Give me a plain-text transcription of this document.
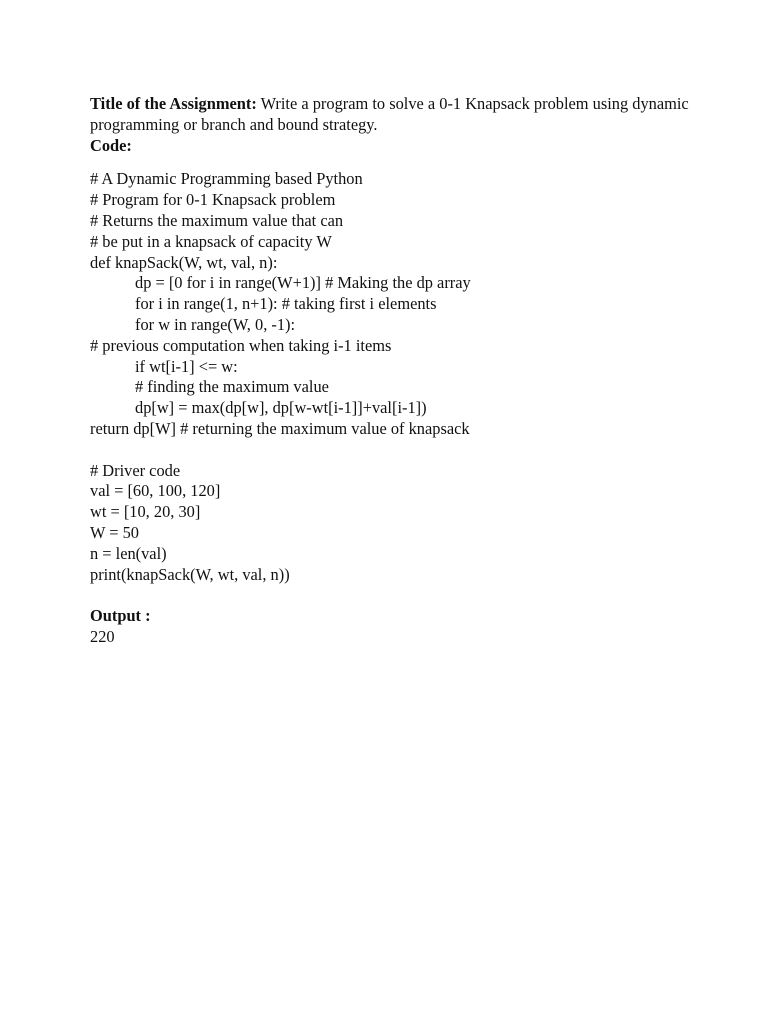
Title of the Assignment: Write a program to solve a 0-1 Knapsack problem using dynamic programming or branch and bound strategy.

Code:

# A Dynamic Programming based Python
# Program for 0-1 Knapsack problem
# Returns the maximum value that can
# be put in a knapsack of capacity W
def knapSack(W, wt, val, n):
dp = [0 for i in range(W+1)] # Making the dp array
for i in range(1, n+1): # taking first i elements
for w in range(W, 0, -1):
# previous computation when taking i-1 items
if wt[i-1] <= w:
# finding the maximum value
dp[w] = max(dp[w], dp[w-wt[i-1]]+val[i-1])
return dp[W] # returning the maximum value of knapsack
# Driver code
val = [60, 100, 120]
wt = [10, 20, 30]
W = 50
n = len(val)
print(knapSack(W, wt, val, n))

Output :

220
